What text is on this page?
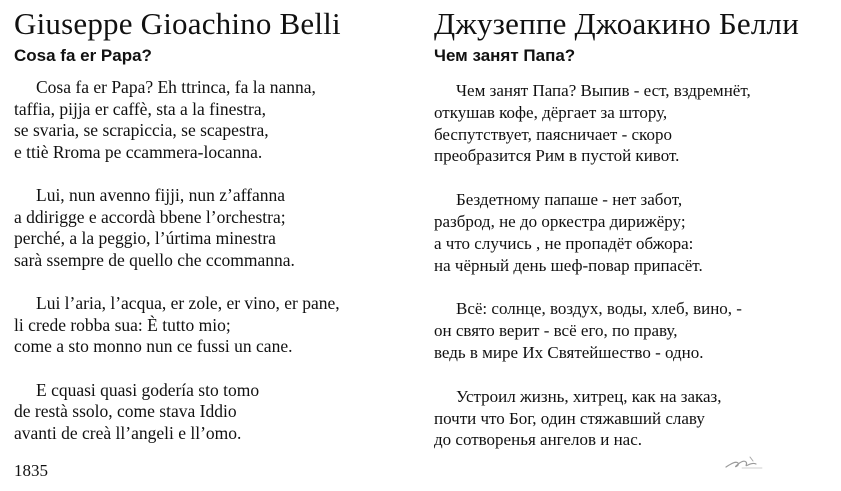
Giuseppe Gioachino Belli
Cosa fa er Papa?
Cosa fa er Papa? Eh ttrinca, fa la nanna,
taffia, pijja er caffè, sta a la finestra,
se svaria, se scrapiccia, se scapestra,
e ttiè Rroma pe ccammera-locanna.
Lui, nun avenno fijji, nun z’affanna
a ddirigge e accordà bbene l’orchestra;
perché, a la peggio, l’úrtima minestra
sarà ssempre de quello che ccommanna.
Lui l’aria, l’acqua, er zole, er vino, er pane,
li crede robba sua: È tutto mio;
come a sto monno nun ce fussi un cane.
E cquasi quasi godería sto tomo
de restà ssolo, come stava Iddio
avanti de creà ll’angeli e ll’omo.
1835
Джузеппе Джоакино Белли
Чем занят Папа?
Чем занят Папа? Выпив - ест, вздремнёт,
откушав кофе, дёргает за штору,
беспутствует, паясничает - скоро
преобразится Рим в пустой кивот.
Бездетному папаше - нет забот,
разброд, не до оркестра дирижёру;
а что случись , не пропадёт обжора:
на чёрный день шеф-повар припасёт.
Всё: солнце, воздух, воды, хлеб, вино, -
он свято верит - всё его, по праву,
ведь в мире Их Святейшество - одно.
Устроил жизнь, хитрец, как на заказ,
почти что Бог, один стяжавший славу
до сотворенья ангелов и нас.
